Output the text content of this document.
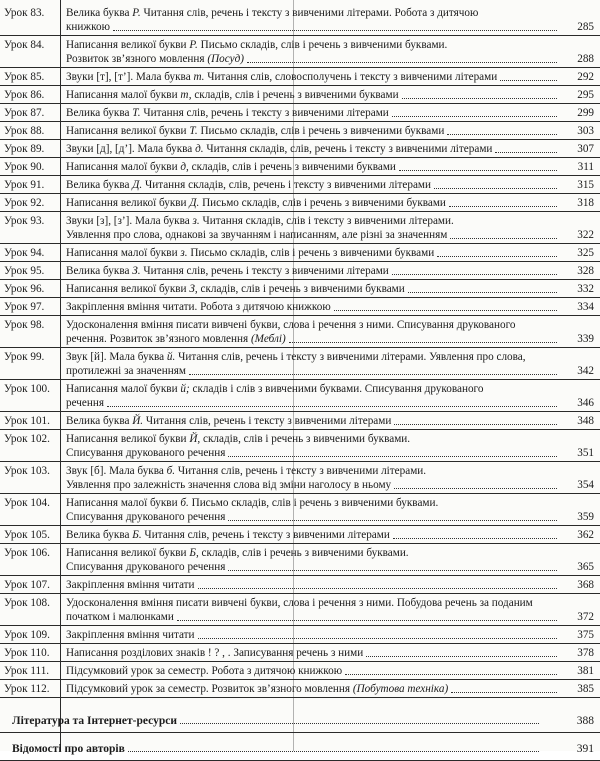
Урок 83. Велика буква Р. Читання слів, речень і тексту з вивченими літерами. Робота з дитячою
книжкою	285
Урок 84. Написання великої букви Р. Письмо складів, слів і речень з вивченими буквами.
Розвиток зв’язного мовлення (Посуд)	288
Урок 85. Звуки [т], [т’]. Мала буква т. Читання слів, словосполучень і тексту з вивченими літерами	292
Урок 86. Написання малої букви т, складів, слів і речень з вивченими буквами	295
Урок 87. Велика буква Т. Читання слів, речень і тексту з вивченими літерами	299
Урок 88. Написання великої букви Т. Письмо складів, слів і речень з вивченими буквами	303
Урок 89. Звуки [д], [д’]. Мала буква д. Читання складів, слів, речень і тексту з вивченими літерами	307
Урок 90. Написання малої букви д, складів, слів і речень з вивченими буквами	311
Урок 91. Велика буква Д. Читання складів, слів, речень і тексту з вивченими літерами	315
Урок 92. Написання великої букви Д. Письмо складів, слів і речень з вивченими буквами	318
Урок 93. Звуки [з], [з’]. Мала буква з. Читання складів, слів і тексту з вивченими літерами.
Уявлення про слова, однакові за звучанням і написанням, але різні за значенням	322
Урок 94. Написання малої букви з. Письмо складів, слів і речень з вивченими буквами	325
Урок 95. Велика буква З. Читання слів, речень і тексту з вивченими літерами	328
Урок 96. Написання великої букви З, складів, слів і речень з вивченими буквами	332
Урок 97. Закріплення вміння читати. Робота з дитячою книжкою	334
Урок 98. Удосконалення вміння писати вивчені букви, слова і речення з ними. Списування друкованого
речення. Розвиток зв’язного мовлення (Меблі)	339
Урок 99. Звук [й]. Мала буква й. Читання слів, речень і тексту з вивченими літерами. Уявлення про слова,
протилежні за значенням	342
Урок 100. Написання малої букви й; складів і слів з вивченими буквами. Списування друкованого
речення	346
Урок 101. Велика буква Й. Читання слів, речень і тексту з вивченими літерами	348
Урок 102. Написання великої букви Й, складів, слів і речень з вивченими буквами.
Списування друкованого речення	351
Урок 103. Звук [б]. Мала буква б. Читання слів, речень і тексту з вивченими літерами.
Уявлення про залежність значення слова від зміни наголосу в ньому	354
Урок 104. Написання малої букви б. Письмо складів, слів і речень з вивченими буквами.
Списування друкованого речення	359
Урок 105. Велика буква Б. Читання слів, речень і тексту з вивченими літерами	362
Урок 106. Написання великої букви Б, складів, слів і речень з вивченими буквами.
Списування друкованого речення	365
Урок 107. Закріплення вміння читати	368
Урок 108. Удосконалення вміння писати вивчені букви, слова і речення з ними. Побудова речень за поданим
початком і малюнками	372
Урок 109. Закріплення вміння читати	375
Урок 110. Написання розділових знаків ! ? , . Записування речень з ними	378
Урок 111. Підсумковий урок за семестр. Робота з дитячою книжкою	381
Урок 112. Підсумковий урок за семестр. Розвиток зв’язного мовлення (Побутова техніка)	385
Література та Інтернет-ресурси	388
Відомості про авторів	391
